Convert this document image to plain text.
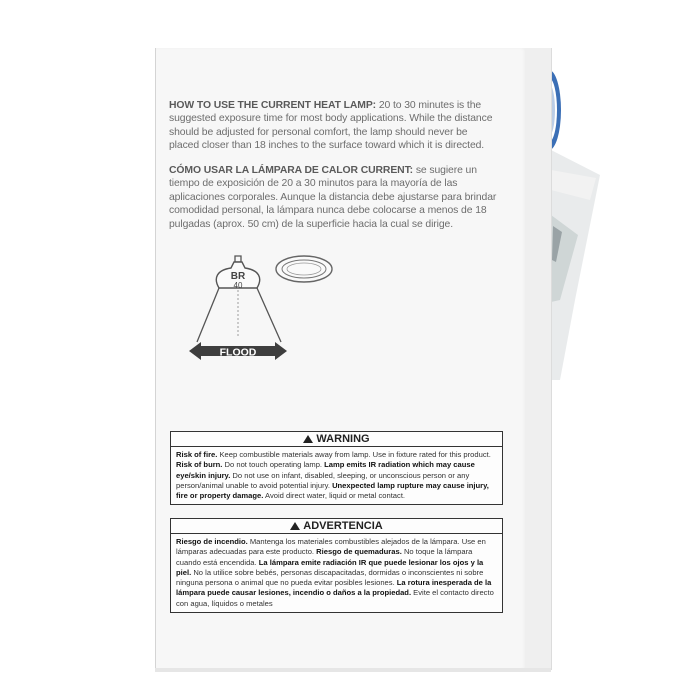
HOW TO USE THE CURRENT HEAT LAMP: 20 to 30 minutes is the suggested exposure time for most body applications. While the distance should be adjusted for personal comfort, the lamp should never be placed closer than 18 inches to the surface toward which it is directed.
CÓMO USAR LA LÁMPARA DE CALOR CURRENT: se sugiere un tiempo de exposición de 20 a 30 minutos para la mayoría de las aplicaciones corporales. Aunque la distancia debe ajustarse para brindar comodidad personal, la lámpara nunca debe colocarse a menos de 18 pulgadas (aprox. 50 cm) de la superficie hacia la cual se dirige.
BR
40
FLOOD
WARNING
Risk of fire. Keep combustible materials away from lamp. Use in fixture rated for this product. Risk of burn. Do not touch operating lamp. Lamp emits IR radiation which may cause eye/skin injury. Do not use on infant, disabled, sleeping, or unconscious person or any person/animal unable to avoid potential injury. Unexpected lamp rupture may cause injury, fire or property damage. Avoid direct water, liquid or metal contact.
ADVERTENCIA
Riesgo de incendio. Mantenga los materiales combustibles alejados de la lámpara. Use en lámparas adecuadas para este producto. Riesgo de quemaduras. No toque la lámpara cuando está encendida. La lámpara emite radiación IR que puede lesionar los ojos y la piel. No la utilice sobre bebés, personas discapacitadas, dormidas o inconscientes ni sobre ninguna persona o animal que no pueda evitar posibles lesiones. La rotura inesperada de la lámpara puede causar lesiones, incendio o daños a la propiedad. Evite el contacto directo con agua, líquidos o metales
